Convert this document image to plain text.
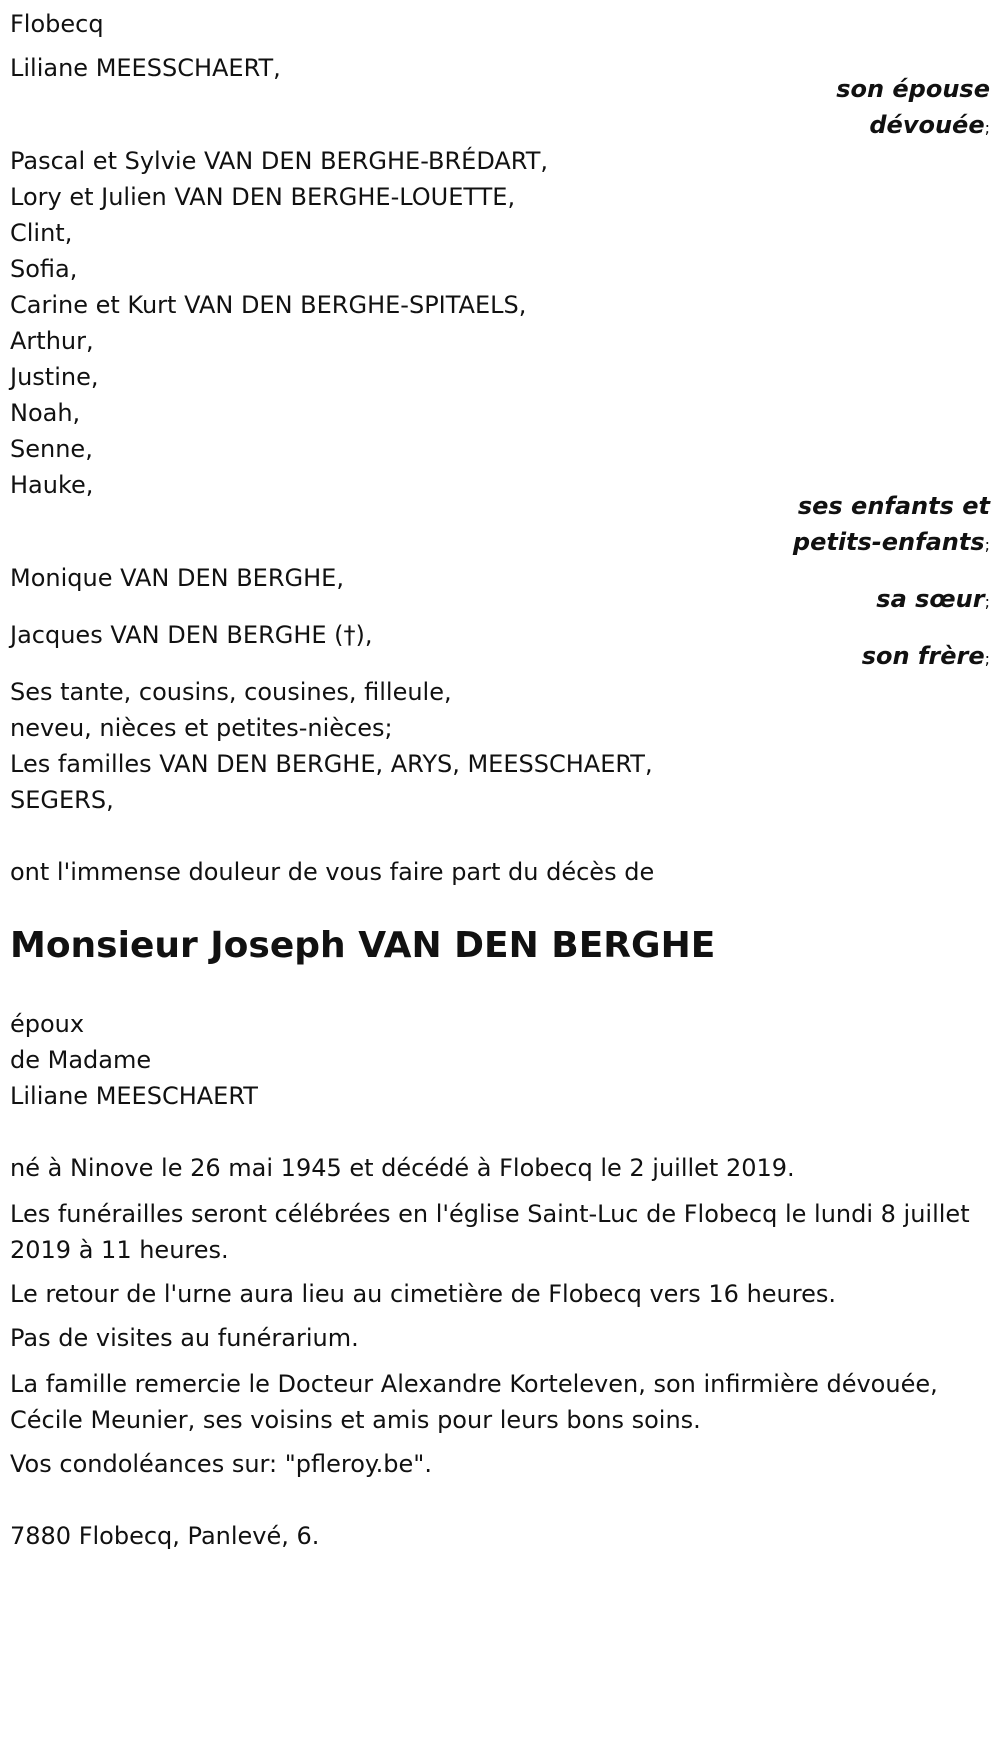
Flobecq
Liliane MEESSCHAERT,
son épouse
dévouée;
Pascal et Sylvie VAN DEN BERGHE-BRÉDART,
Lory et Julien VAN DEN BERGHE-LOUETTE,
Clint,
Sofia,
Carine et Kurt VAN DEN BERGHE-SPITAELS,
Arthur,
Justine,
Noah,
Senne,
Hauke,
ses enfants et
petits-enfants;
Monique VAN DEN BERGHE,
sa sœur;
Jacques VAN DEN BERGHE (†),
son frère;
Ses tante, cousins, cousines, filleule,
neveu, nièces et petites-nièces;
Les familles VAN DEN BERGHE, ARYS, MEESSCHAERT,
SEGERS,
ont l'immense douleur de vous faire part du décès de
Monsieur Joseph VAN DEN BERGHE
époux
de Madame
Liliane MEESCHAERT
né à Ninove le 26 mai 1945 et décédé à Flobecq le 2 juillet 2019.
Les funérailles seront célébrées en l'église Saint-Luc de Flobecq le lundi 8 juillet 2019 à 11 heures.
Le retour de l'urne aura lieu au cimetière de Flobecq vers 16 heures.
Pas de visites au funérarium.
La famille remercie le Docteur Alexandre Korteleven, son infirmière dévouée, Cécile Meunier, ses voisins et amis pour leurs bons soins.
Vos condoléances sur: "pfleroy.be".
7880 Flobecq, Panlevé, 6.
